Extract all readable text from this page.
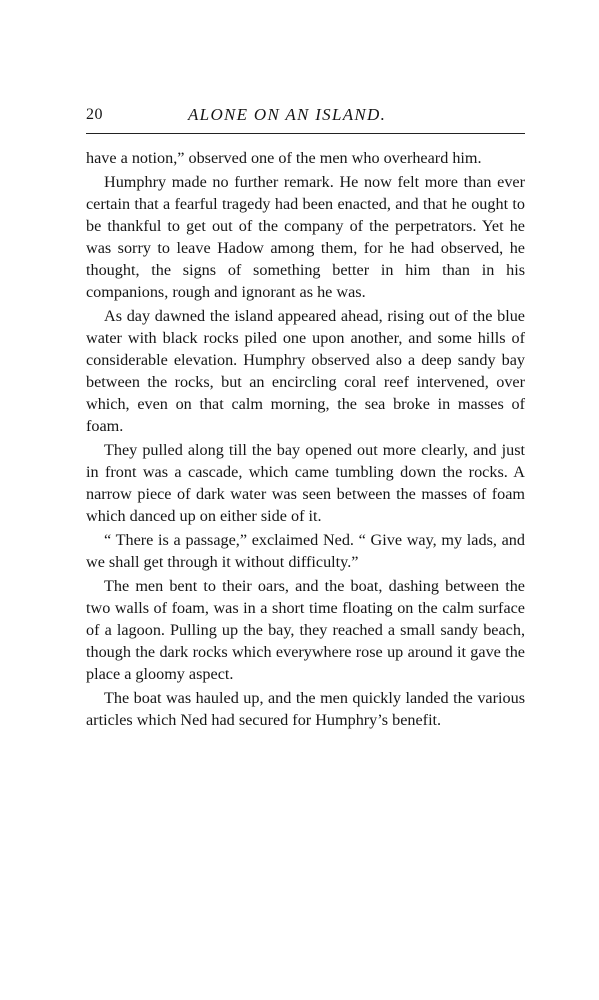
20	ALONE ON AN ISLAND.

have a notion,” observed one of the men who overheard him.

Humphry made no further remark. He now felt more than ever certain that a fearful tragedy had been enacted, and that he ought to be thankful to get out of the company of the perpetrators. Yet he was sorry to leave Hadow among them, for he had observed, he thought, the signs of something better in him than in his companions, rough and ignorant as he was.

As day dawned the island appeared ahead, rising out of the blue water with black rocks piled one upon another, and some hills of considerable elevation. Humphry observed also a deep sandy bay between the rocks, but an encircling coral reef intervened, over which, even on that calm morning, the sea broke in masses of foam.

They pulled along till the bay opened out more clearly, and just in front was a cascade, which came tumbling down the rocks. A narrow piece of dark water was seen between the masses of foam which danced up on either side of it.

“ There is a passage,” exclaimed Ned. “ Give way, my lads, and we shall get through it without difficulty.”

The men bent to their oars, and the boat, dashing between the two walls of foam, was in a short time floating on the calm surface of a lagoon. Pulling up the bay, they reached a small sandy beach, though the dark rocks which everywhere rose up around it gave the place a gloomy aspect.

The boat was hauled up, and the men quickly landed the various articles which Ned had secured for Humphry’s benefit.
